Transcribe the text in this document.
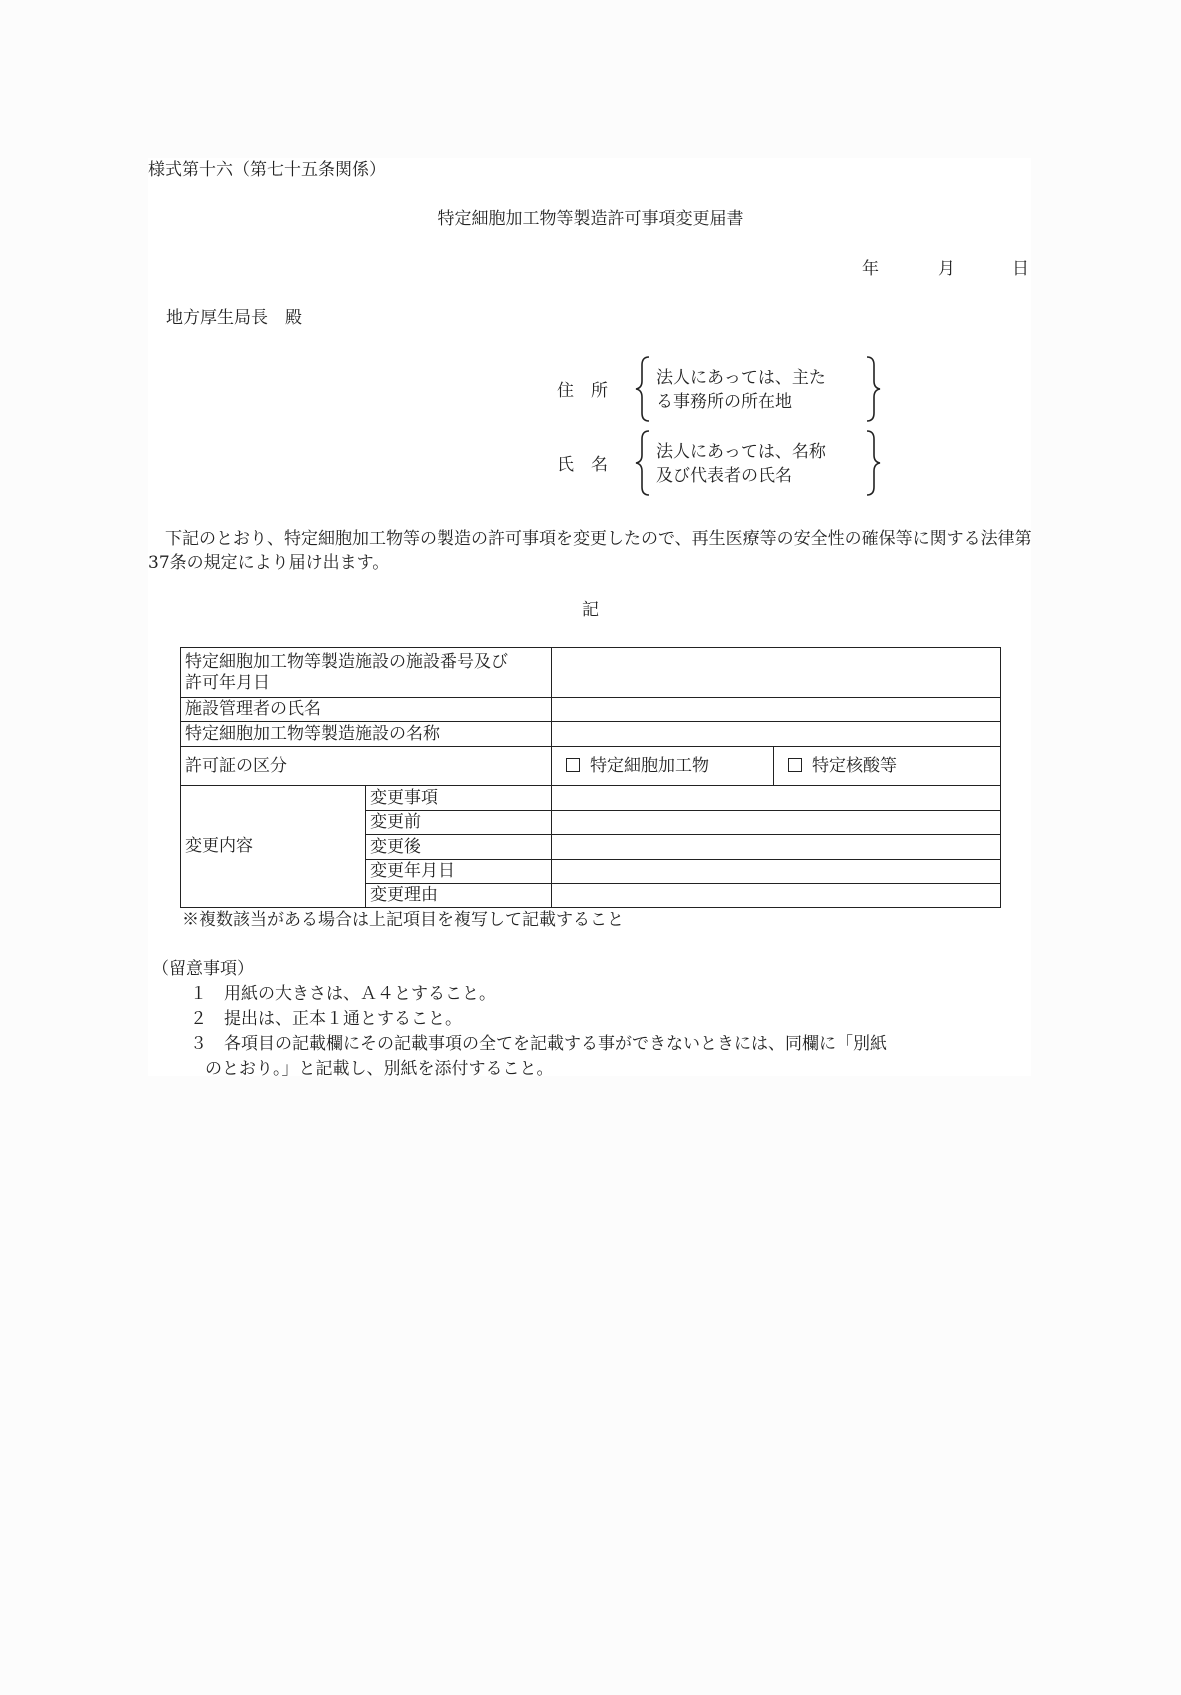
様式第十六（第七十五条関係）
特定細胞加工物等製造許可事項変更届書
年	月	日
地方厚生局長　殿
住　所
法人にあっては、主た
る事務所の所在地
氏　名
法人にあっては、名称
及び代表者の氏名
　下記のとおり、特定細胞加工物等の製造の許可事項を変更したので、再生医療等の安全性の確保等に関する法律第37条の規定により届け出ます。
記
特定細胞加工物等製造施設の施設番号及び
許可年月日			

施設管理者の氏名			
特定細胞加工物等製造施設の名称			
許可証の区分		特定細胞加工物	特定核酸等
変更内容	変更事項		
	変更前		
	変更後		
	変更年月日		
	変更理由		
※複数該当がある場合は上記項目を複写して記載すること
（留意事項）
１　用紙の大きさは、Ａ４とすること。
２　提出は、正本１通とすること。
３　各項目の記載欄にその記載事項の全てを記載する事ができないときには、同欄に「別紙
のとおり。」と記載し、別紙を添付すること。
